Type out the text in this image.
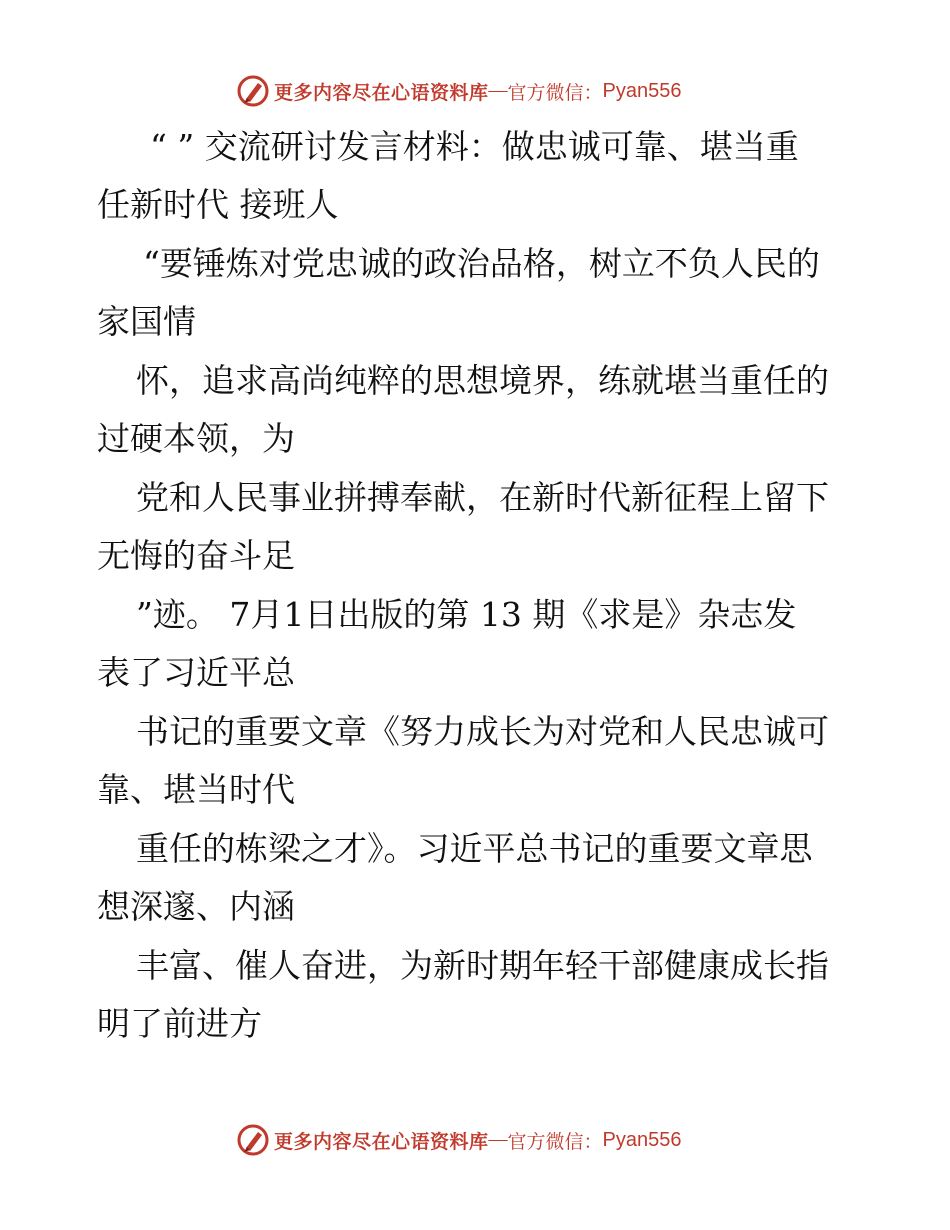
更多内容尽在心语资料库 — 官方微信： Pyan556
“ ” 交流研讨发言材料：做忠诚可靠、堪当重
任新时代 接班人
“要锤炼对党忠诚的政治品格，树立不负人民的
家国情
怀，追求高尚纯粹的思想境界，练就堪当重任的
过硬本领，为
党和人民事业拼搏奉献，在新时代新征程上留下
无悔的奋斗足
”迹。 7月1日出版的第 13 期《求是》杂志发
表了习近平总
书记的重要文章《努力成长为对党和人民忠诚可
靠、堪当时代
重任的栋梁之才》。习近平总书记的重要文章思
想深邃、内涵
丰富、催人奋进，为新时期年轻干部健康成长指
明了前进方
更多内容尽在心语资料库 — 官方微信： Pyan556
